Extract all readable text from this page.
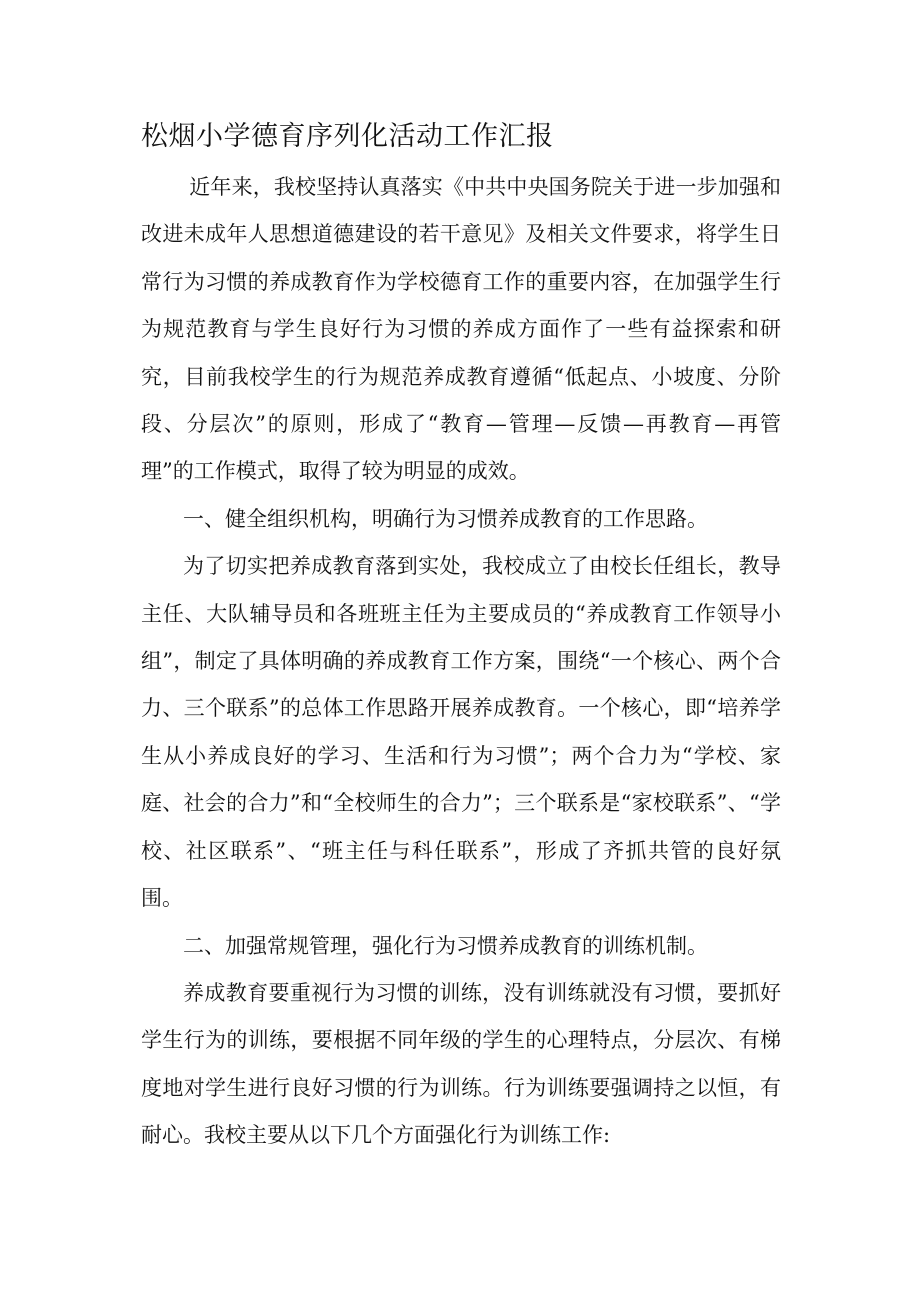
松烟小学德育序列化活动工作汇报

近年来，我校坚持认真落实《中共中央国务院关于进一步加强和改进未成年人思想道德建设的若干意见》及相关文件要求，将学生日常行为习惯的养成教育作为学校德育工作的重要内容，在加强学生行为规范教育与学生良好行为习惯的养成方面作了一些有益探索和研究，目前我校学生的行为规范养成教育遵循“低起点、小坡度、分阶段、分层次”的原则，形成了“教育—管理—反馈—再教育—再管理”的工作模式，取得了较为明显的成效。

一、健全组织机构，明确行为习惯养成教育的工作思路。

为了切实把养成教育落到实处，我校成立了由校长任组长，教导主任、大队辅导员和各班班主任为主要成员的“养成教育工作领导小组”，制定了具体明确的养成教育工作方案，围绕“一个核心、两个合力、三个联系”的总体工作思路开展养成教育。一个核心，即“培养学生从小养成良好的学习、生活和行为习惯”；两个合力为“学校、家庭、社会的合力”和“全校师生的合力”；三个联系是“家校联系”、“学校、社区联系”、“班主任与科任联系”，形成了齐抓共管的良好氛围。

二、加强常规管理，强化行为习惯养成教育的训练机制。

养成教育要重视行为习惯的训练，没有训练就没有习惯，要抓好学生行为的训练，要根据不同年级的学生的心理特点，分层次、有梯度地对学生进行良好习惯的行为训练。行为训练要强调持之以恒，有耐心。我校主要从以下几个方面强化行为训练工作:
